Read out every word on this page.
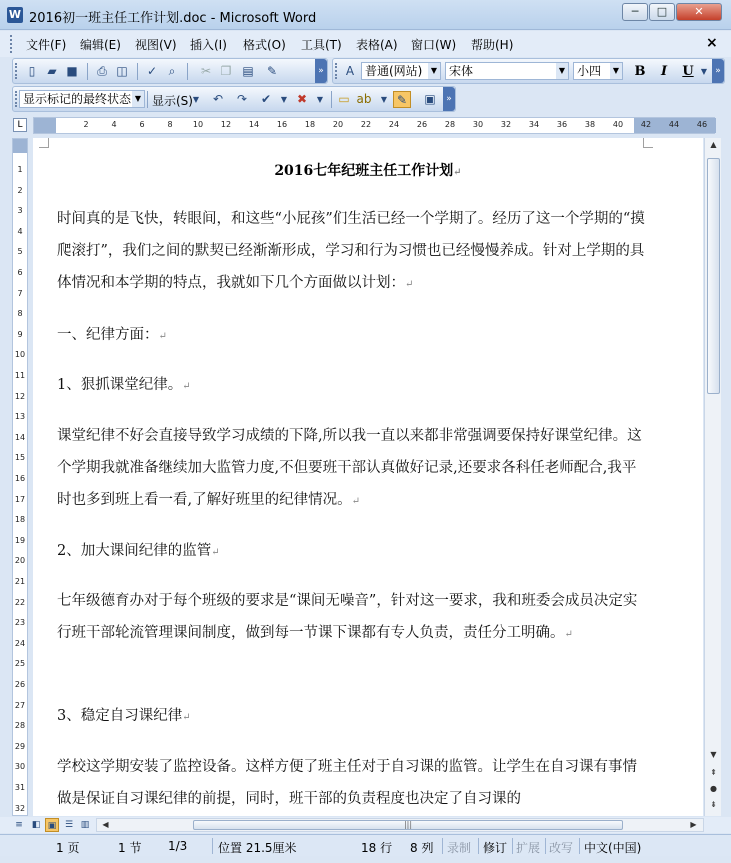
W 2016初一班主任工作计划.doc - Microsoft Word	─	□	✕
文件(F) 编辑(E) 视图(V) 插入(I) 格式(O) 工具(T) 表格(A) 窗口(W) 帮助(H)	×
▯	▰ ■	⎙ ◫	✓ ⌕	✂ ❐ ▤	✎	»	A 普通(网站)	▼ 宋体	▼ 小四	▼ B	I	U ▼ »
显示标记的最终状态 ▼ 显示(S) ▼	↶	↷	✔	▼ ✖	▼	▭ ab	▼ ✎	▣	»
L	2	4	6	8	10	12	14	16	18	20	22	24	26	28	30	32	34	36	38	40	42	44	46
1
2
3
4
5
6
7
8
9
10
11
12
13
14
15
16
17
18
19
20
21
22
23
24
25
26
27
28
29
30
31
32
2016七年纪班主任工作计划↵
时间真的是飞快，转眼间，和这些“小屁孩”们生活已经一个学期了。经历了这一个学期的“摸爬滚打”，我们之间的默契已经渐渐形成，学习和行为习惯也已经慢慢养成。针对上学期的具体情况和本学期的特点，我就如下几个方面做以计划：↵
一、纪律方面：↵
1、狠抓课堂纪律。↵
课堂纪律不好会直接导致学习成绩的下降,所以我一直以来都非常强调要保持好课堂纪律。这个学期我就准备继续加大监管力度,不但要班干部认真做好记录,还要求各科任老师配合,我平时也多到班上看一看,了解好班里的纪律情况。↵
2、加大课间纪律的监管↵
七年级德育办对于每个班级的要求是“课间无噪音”，针对这一要求，我和班委会成员决定实行班干部轮流管理课间制度，做到每一节课下课都有专人负责，责任分工明确。↵
3、稳定自习课纪律↵
学校这学期安装了监控设备。这样方便了班主任对于自习课的监管。让学生在自习课有事情做是保证自习课纪律的前提，同时，班干部的负责程度也决定了自习课的
▲
▼
⇞
●
⇟
≡ ◧ ▣ ☰ ▥	◀	|||	▶
1 页	1 节 1/3	位置 21.5厘米	18 行 8 列 录制 修订 扩展 改写 中文(中国)
